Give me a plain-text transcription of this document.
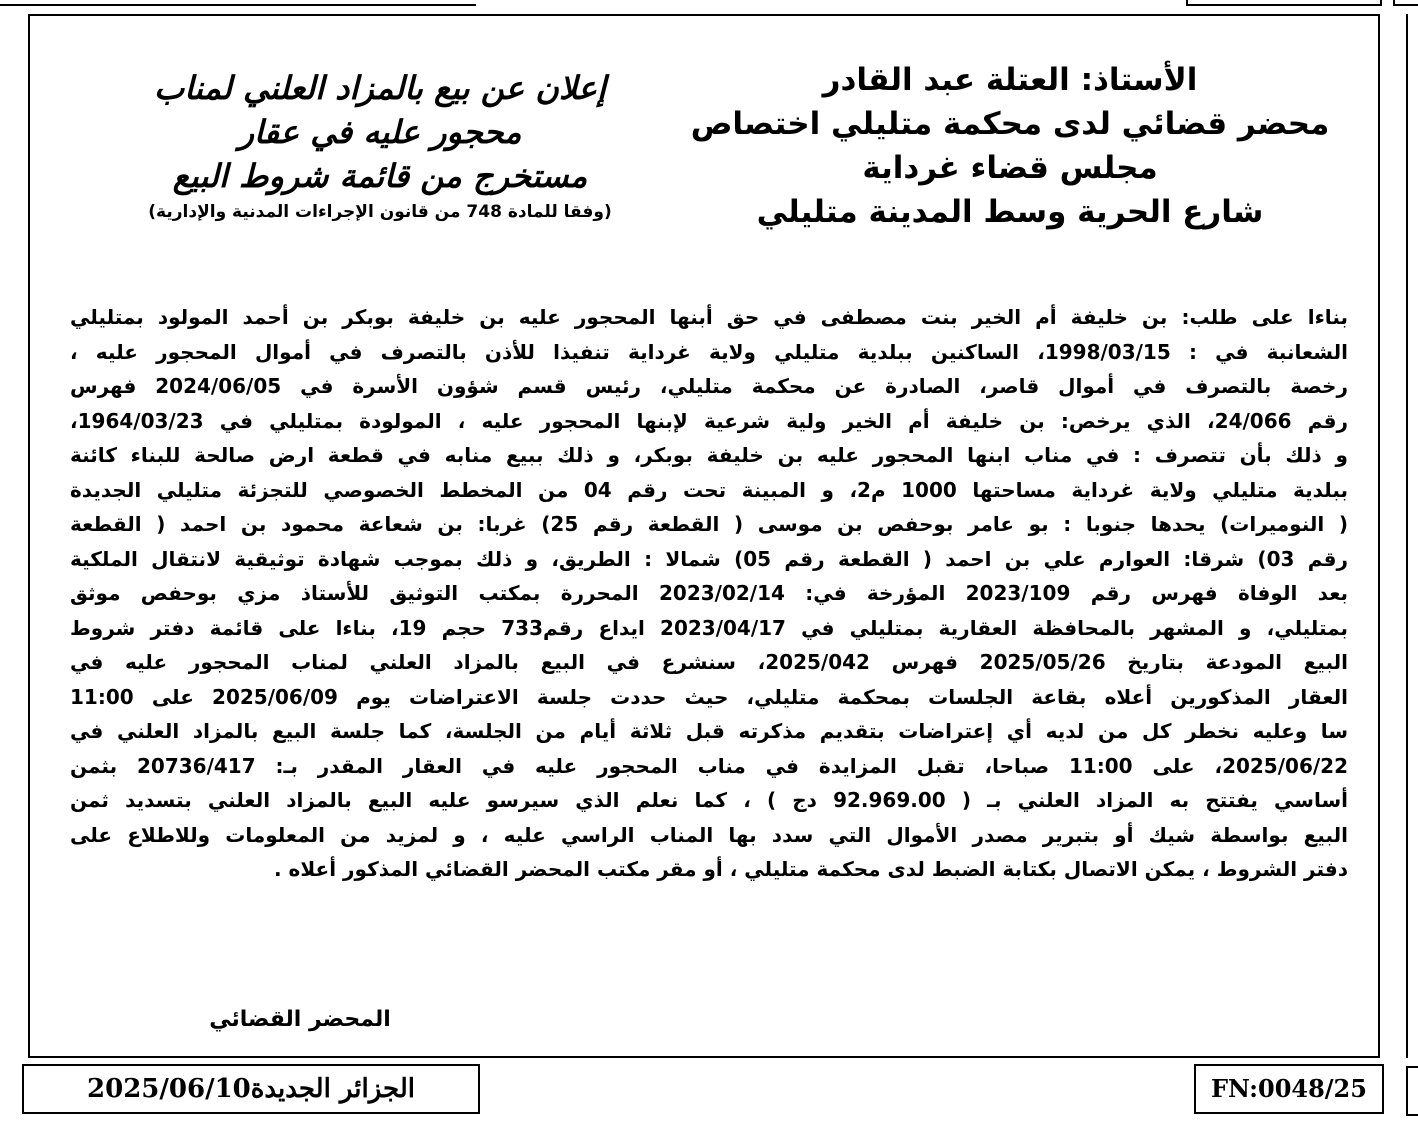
الأستاذ: العتلة عبد القادر
محضر قضائي لدى محكمة متليلي اختصاص
مجلس قضاء غرداية
شارع الحرية وسط المدينة متليلي
إعلان عن بيع بالمزاد العلني لمناب
محجور عليه في عقار
مستخرج من قائمة شروط البيع
(وفقا للمادة 748 من قانون الإجراءات المدنية والإدارية)
بناءا على طلب: بن خليفة أم الخير بنت مصطفى في حق أبنها المحجور عليه بن خليفة بوبكر بن أحمد المولود بمتليلي
الشعانبة في : 1998/03/15، الساكنين ببلدية متليلي ولاية غرداية تنفيذا للأذن بالتصرف في أموال المحجور عليه ،
رخصة بالتصرف في أموال قاصر، الصادرة عن محكمة متليلي، رئيس قسم شؤون الأسرة في 2024/06/05 فهرس
رقم 24/066، الذي يرخص: بن خليفة أم الخير ولية شرعية لإبنها المحجور عليه ، المولودة بمتليلي في 1964/03/23،
و ذلك بأن تتصرف : في مناب ابنها المحجور عليه بن خليفة بوبكر، و ذلك ببيع منابه في قطعة ارض صالحة للبناء كائنة
ببلدية متليلي ولاية غرداية مساحتها 1000 م2، و المبينة تحت رقم 04 من المخطط الخصوصي للتجزئة متليلي الجديدة
( النوميرات) يحدها جنوبا : بو عامر بوحفص بن موسى ( القطعة رقم 25) غربا: بن شعاعة محمود بن احمد ( القطعة
رقم 03) شرقا: العوارم علي بن احمد ( القطعة رقم 05) شمالا : الطريق، و ذلك بموجب شهادة توثيقية لانتقال الملكية
بعد الوفاة فهرس رقم 2023/109 المؤرخة في: 2023/02/14 المحررة بمكتب التوثيق للأستاذ مزي بوحفص موثق
بمتليلي، و المشهر بالمحافظة العقارية بمتليلي في 2023/04/17 ايداع رقم733 حجم 19، بناءا على قائمة دفتر شروط
البيع المودعة بتاريخ 2025/05/26 فهرس 2025/042، سنشرع في البيع بالمزاد العلني لمناب المحجور عليه في
العقار المذكورين أعلاه بقاعة الجلسات بمحكمة متليلي، حيث حددت جلسة الاعتراضات يوم 2025/06/09 على 11:00
سا وعليه نخطر كل من لديه أي إعتراضات بتقديم مذكرته قبل ثلاثة أيام من الجلسة، كما جلسة البيع بالمزاد العلني في
2025/06/22، على 11:00 صباحا، تقبل المزايدة في مناب المحجور عليه في العقار المقدر بـ: 20736/417 بثمن
أساسي يفتتح به المزاد العلني بـ ( 92.969.00 دج ) ، كما نعلم الذي سيرسو عليه البيع بالمزاد العلني بتسديد ثمن
البيع بواسطة شيك أو بتبرير مصدر الأموال التي سدد بها المناب الراسي عليه ، و لمزيد من المعلومات وللاطلاع على
دفتر الشروط ، يمكن الاتصال بكتابة الضبط لدى محكمة متليلي ، أو مقر مكتب المحضر القضائي المذكور أعلاه .
المحضر القضائي
الجزائر الجديدة2025/06/10	FN:0048/25
